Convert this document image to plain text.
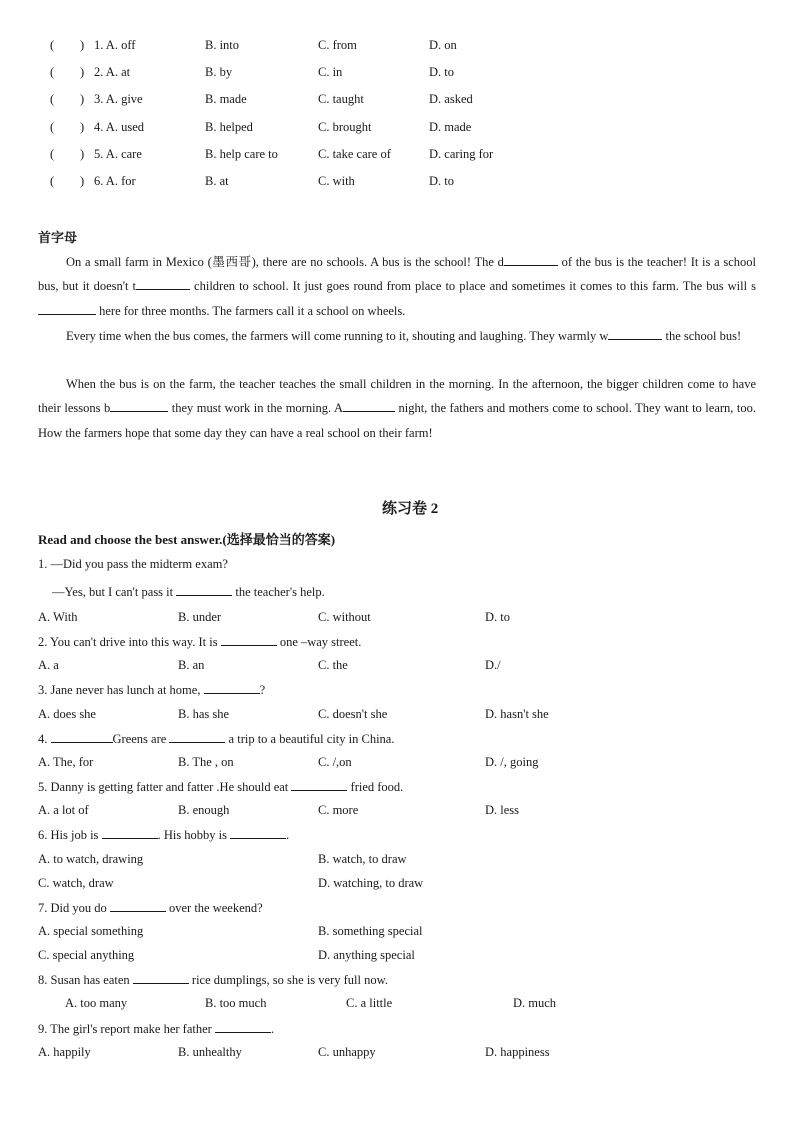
( ) 1. A. off	B. into	C. from	D. on
( ) 2. A. at	B. by	C. in	D. to
( ) 3. A. give	B. made	C. taught	D. asked
( ) 4. A. used	B. helped	C. brought	D. made
( ) 5. A. care	B. help care to	C. take care of	D. caring for
( ) 6. A. for	B. at	C. with	D. to
首字母
On a small farm in Mexico (墨西哥), there are no schools. A bus is the school! The d	of the bus is the teacher! It is a school bus, but it doesn't t	children to school. It just goes round from place to place and sometimes it comes to this farm. The bus will s here for three months. The farmers call it a school on wheels.
Every time when the bus comes, the farmers will come running to it, shouting and laughing. They warmly w	the school bus!
When the bus is on the farm, the teacher teaches the small children in the morning. In the afternoon, the bigger children come to have their lessons b	they must work in the morning. A	night, the fathers and mothers come to school. They want to learn, too. How the farmers hope that some day they can have a real school on their farm!
练习卷 2
Read and choose the best answer.(选择最恰当的答案)
1. —Did you pass the midterm exam?
—Yes, but I can't pass it	the teacher's help.
A. With	B. under	C. without	D. to
2. You can't drive into this way. It is	one –way street.
A. a	B. an	C. the	D./
3. Jane never has lunch at home,	?
A. does she	B. has she	C. doesn't she	D. hasn't she
4.	Greens are	a trip to a beautiful city in China.
A. The, for	B. The , on	C. /,on	D. /, going
5. Danny is getting fatter and fatter .He should eat	fried food.
A. a lot of	B. enough	C. more	D. less
6. His job is	. His hobby is	.
A. to watch, drawing	B. watch, to draw
C. watch, draw	D. watching, to draw
7. Did you do	over the weekend?
A. special something	B. something special
C. special anything	D. anything special
8. Susan has eaten	rice dumplings, so she is very full now.
A. too many	B. too much	C. a little	D. much
9. The girl's report make her father	.
A. happily	B. unhealthy	C. unhappy	D. happiness
